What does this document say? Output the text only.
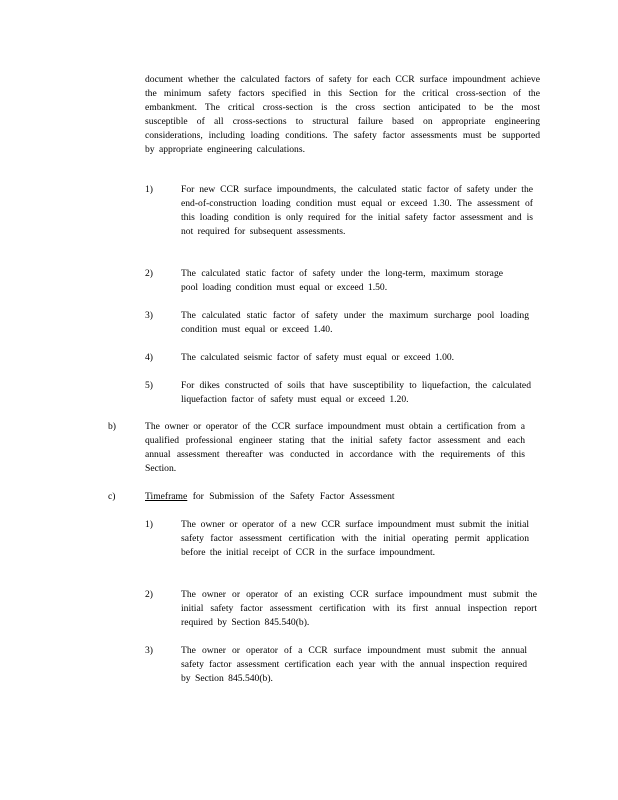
document whether the calculated factors of safety for each CCR surface impoundment achieve the minimum safety factors specified in this Section for the critical cross-section of the embankment. The critical cross-section is the cross section anticipated to be the most susceptible of all cross-sections to structural failure based on appropriate engineering considerations, including loading conditions. The safety factor assessments must be supported by appropriate engineering calculations.

1)	For new CCR surface impoundments, the calculated static factor of safety under the end-of-construction loading condition must equal or exceed 1.30. The assessment of this loading condition is only required for the initial safety factor assessment and is not required for subsequent assessments.

2)	The calculated static factor of safety under the long-term, maximum storage pool loading condition must equal or exceed 1.50.

3)	The calculated static factor of safety under the maximum surcharge pool loading condition must equal or exceed 1.40.

4)	The calculated seismic factor of safety must equal or exceed 1.00.

5)	For dikes constructed of soils that have susceptibility to liquefaction, the calculated liquefaction factor of safety must equal or exceed 1.20.

b)	The owner or operator of the CCR surface impoundment must obtain a certification from a qualified professional engineer stating that the initial safety factor assessment and each annual assessment thereafter was conducted in accordance with the requirements of this Section.

c)	Timeframe for Submission of the Safety Factor Assessment

1)	The owner or operator of a new CCR surface impoundment must submit the initial safety factor assessment certification with the initial operating permit application before the initial receipt of CCR in the surface impoundment.

2)	The owner or operator of an existing CCR surface impoundment must submit the initial safety factor assessment certification with its first annual inspection report required by Section 845.540(b).

3)	The owner or operator of a CCR surface impoundment must submit the annual safety factor assessment certification each year with the annual inspection required by Section 845.540(b).
